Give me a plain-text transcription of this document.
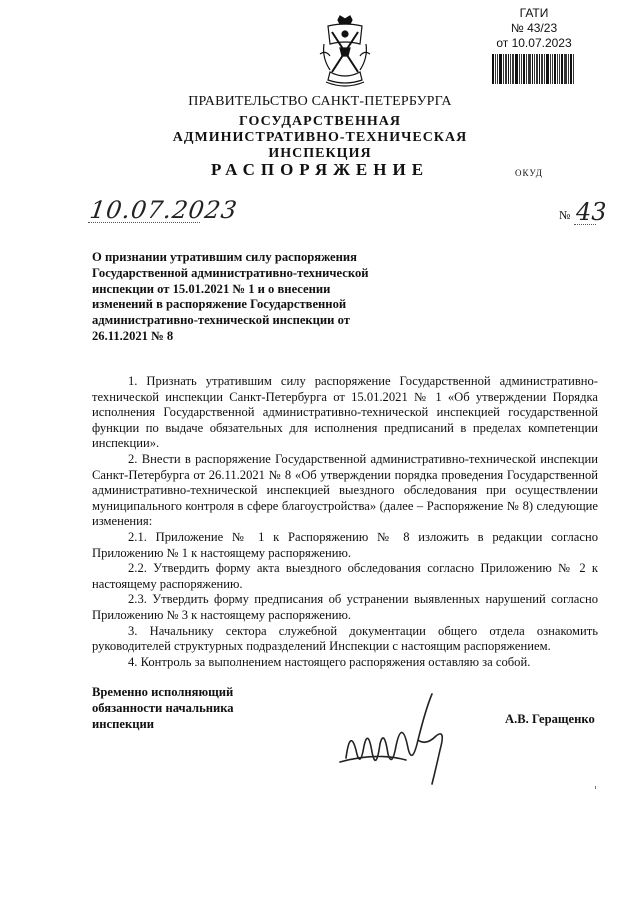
ГАТИ
№ 43/23
от 10.07.2023
ПРАВИТЕЛЬСТВО САНКТ-ПЕТЕРБУРГА
ГОСУДАРСТВЕННАЯ
АДМИНИСТРАТИВНО-ТЕХНИЧЕСКАЯ
ИНСПЕКЦИЯ
РАСПОРЯЖЕНИЕ	ОКУД
10.07.2023	№ 43
О признании утратившим силу распоряжения Государственной административно-технической инспекции от 15.01.2021 № 1 и о внесении изменений в распоряжение Государственной административно-технической инспекции от 26.11.2021 № 8

1. Признать утратившим силу распоряжение Государственной административно-технической инспекции Санкт-Петербурга от 15.01.2021 № 1 «Об утверждении Порядка исполнения Государственной административно-технической инспекцией государственной функции по выдаче обязательных для исполнения предписаний в пределах компетенции инспекции».

2. Внести в распоряжение Государственной административно-технической инспекции Санкт-Петербурга от 26.11.2021 № 8 «Об утверждении порядка проведения Государственной административно-технической инспекцией выездного обследования при осуществлении муниципального контроля в сфере благоустройства» (далее – Распоряжение № 8) следующие изменения:

2.1. Приложение № 1 к Распоряжению № 8 изложить в редакции согласно Приложению № 1 к настоящему распоряжению.

2.2. Утвердить форму акта выездного обследования согласно Приложению № 2 к настоящему распоряжению.

2.3. Утвердить форму предписания об устранении выявленных нарушений согласно Приложению № 3 к настоящему распоряжению.

3. Начальнику сектора служебной документации общего отдела ознакомить руководителей структурных подразделений Инспекции с настоящим распоряжением.

4. Контроль за выполнением настоящего распоряжения оставляю за собой.

Временно исполняющий
обязанности начальника
инспекции	А.В. Геращенко
